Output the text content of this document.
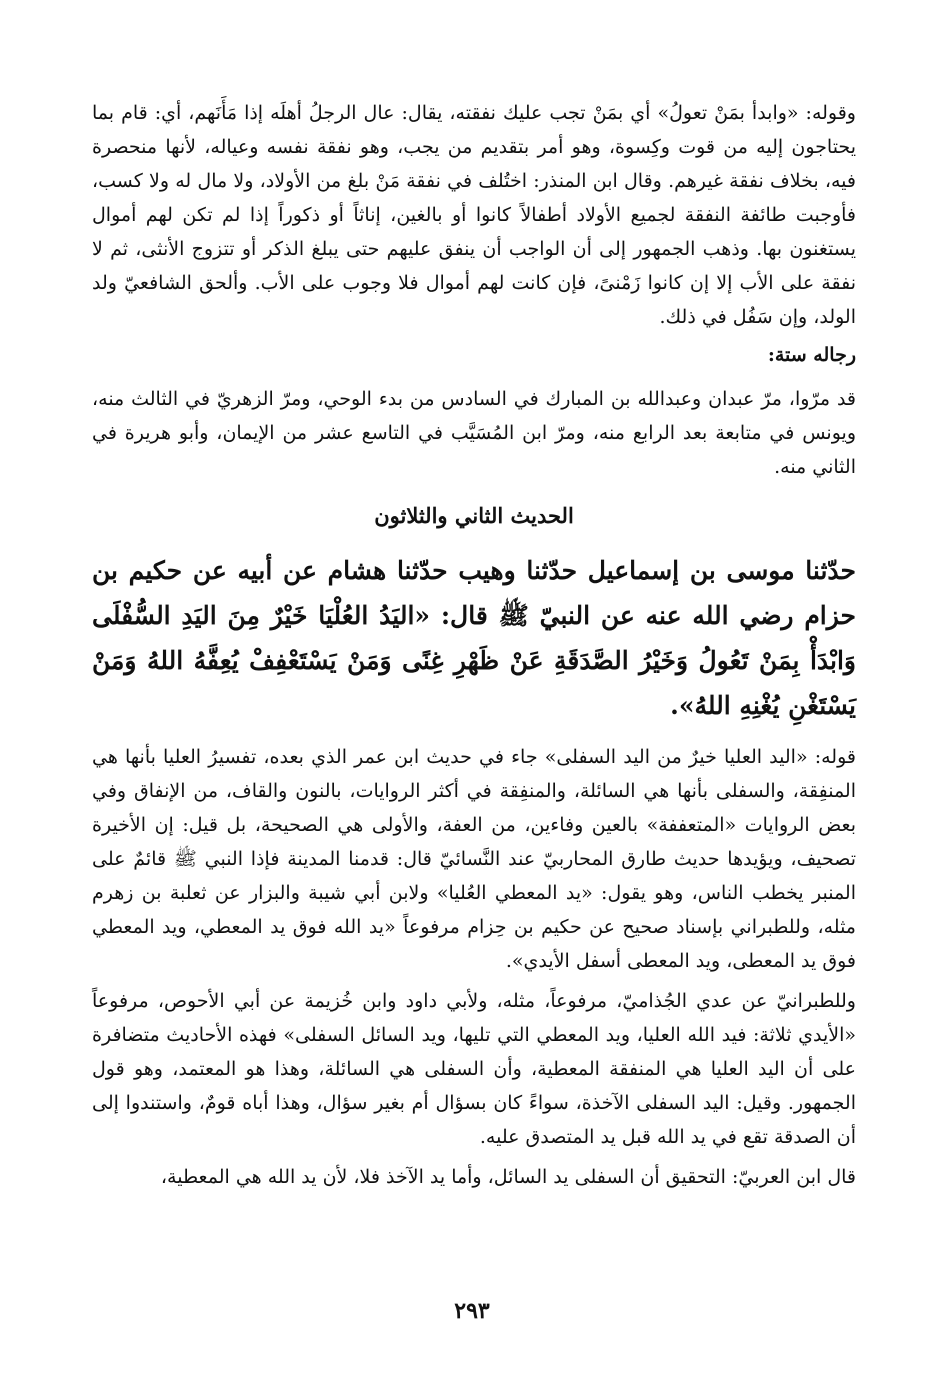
وقوله: «وابدأ بمَنْ تعولُ» أي بمَنْ تجب عليك نفقته، يقال: عال الرجلُ أهلَه إذا مَأَنَهم، أي: قام بما يحتاجون إليه من قوت وكِسوة، وهو أمر بتقديم من يجب، وهو نفقة نفسه وعياله، لأنها منحصرة فيه، بخلاف نفقة غيرهم. وقال ابن المنذر: اختُلف في نفقة مَنْ بلغ من الأولاد، ولا مال له ولا كسب، فأوجبت طائفة النفقة لجميع الأولاد أطفالاً كانوا أو بالغين، إناثاً أو ذكوراً إذا لم تكن لهم أموال يستغنون بها. وذهب الجمهور إلى أن الواجب أن ينفق عليهم حتى يبلغ الذكر أو تتزوج الأنثى، ثم لا نفقة على الأب إلا إن كانوا زَمْنىً، فإن كانت لهم أموال فلا وجوب على الأب. وألحق الشافعيّ ولد الولد، وإن سَفُل في ذلك.

رجاله ستة:

قد مرّوا، مرّ عبدان وعبدالله بن المبارك في السادس من بدء الوحي، ومرّ الزهريّ في الثالث منه، ويونس في متابعة بعد الرابع منه، ومرّ ابن المُسَيَّب في التاسع عشر من الإيمان، وأبو هريرة في الثاني منه.

الحديث الثاني والثلاثون

حدّثنا موسى بن إسماعيل حدّثنا وهيب حدّثنا هشام عن أبيه عن حكيم بن حزام رضي الله عنه عن النبيّ ﷺ قال: «اليَدُ العُلْيَا خَيْرٌ مِنَ اليَدِ السُّفْلَى وَابْدَأْ بِمَنْ تَعُولُ وَخَيْرُ الصَّدَقَةِ عَنْ ظَهْرِ غِنًى وَمَنْ يَسْتَعْفِفْ يُعِفَّهُ اللهُ وَمَنْ يَسْتَغْنِ يُغْنِهِ اللهُ».

قوله: «اليد العليا خيرٌ من اليد السفلى» جاء في حديث ابن عمر الذي بعده، تفسيرُ العليا بأنها هي المنفِقة، والسفلى بأنها هي السائلة، والمنفِقة في أكثر الروايات، بالنون والقاف، من الإنفاق وفي بعض الروايات «المتعففة» بالعين وفاءين، من العفة، والأولى هي الصحيحة، بل قيل: إن الأخيرة تصحيف، ويؤيدها حديث طارق المحاربيّ عند النَّسائيّ قال: قدمنا المدينة فإذا النبي ﷺ قائمٌ على المنبر يخطب الناس، وهو يقول: «يد المعطي العُليا» ولابن أبي شيبة والبزار عن ثعلبة بن زهرم مثله، وللطبراني بإسناد صحيح عن حكيم بن حِزام مرفوعاً «يد الله فوق يد المعطي، ويد المعطي فوق يد المعطى، ويد المعطى أسفل الأيدي».

وللطبرانيّ عن عدي الجُذاميّ، مرفوعاً، مثله، ولأبي داود وابن خُزيمة عن أبي الأحوص، مرفوعاً «الأيدي ثلاثة: فيد الله العليا، ويد المعطي التي تليها، ويد السائل السفلى» فهذه الأحاديث متضافرة على أن اليد العليا هي المنفقة المعطية، وأن السفلى هي السائلة، وهذا هو المعتمد، وهو قول الجمهور. وقيل: اليد السفلى الآخذة، سواءً كان بسؤال أم بغير سؤال، وهذا أباه قومٌ، واستندوا إلى أن الصدقة تقع في يد الله قبل يد المتصدق عليه.

قال ابن العربيّ: التحقيق أن السفلى يد السائل، وأما يد الآخذ فلا، لأن يد الله هي المعطية،

٢٩٣
